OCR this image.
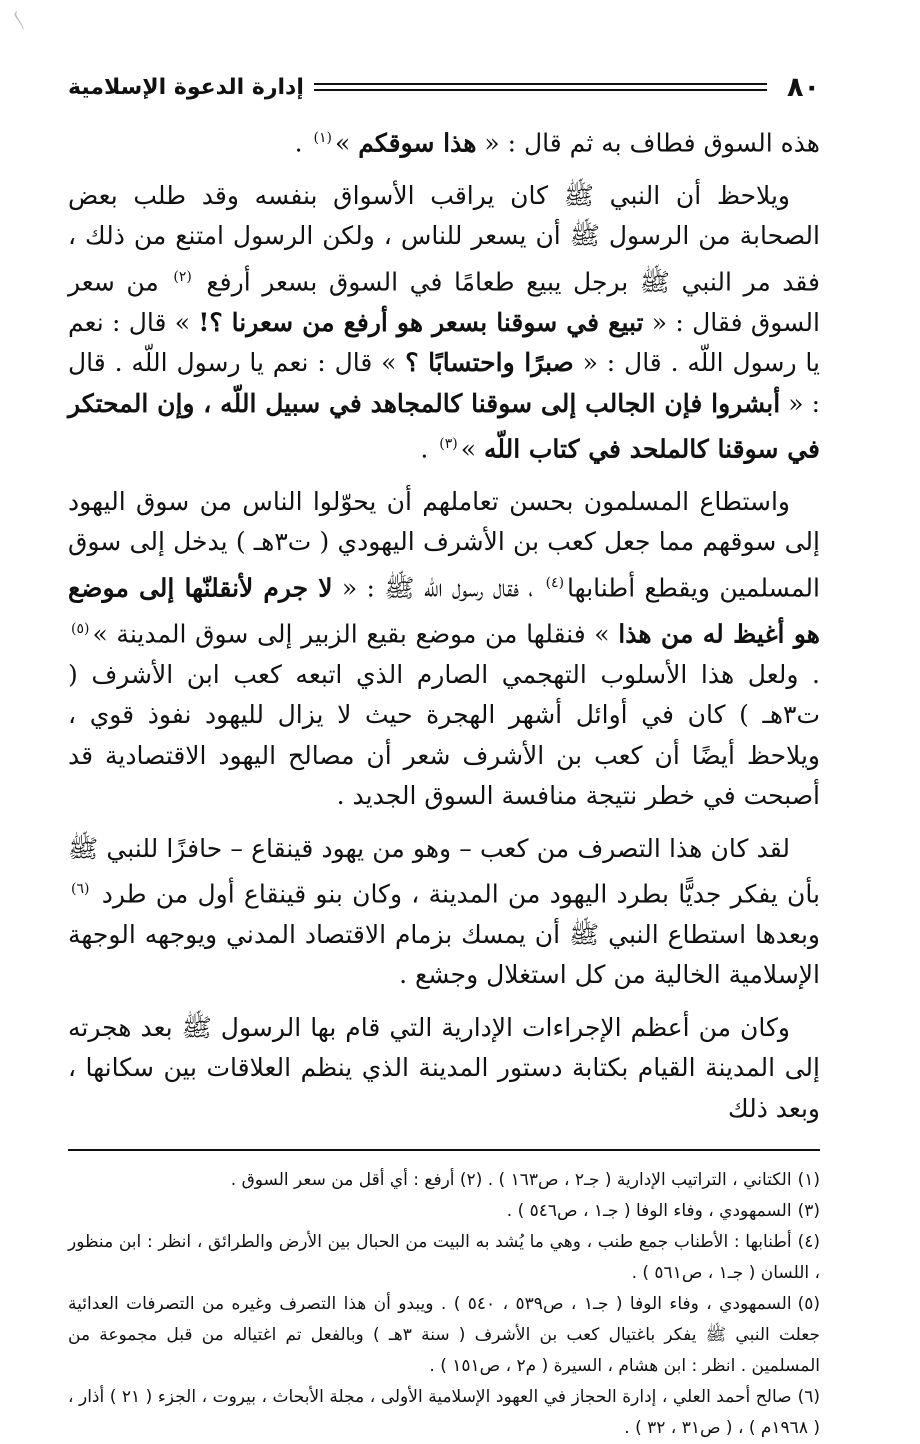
〳
٨٠
إدارة الدعوة الإسلامية

هذه السوق فطاف به ثم قال : « هذا سوقكم »$^{(١)}$ .

ويلاحظ أن النبي ﷺ كان يراقب الأسواق بنفسه وقد طلب بعض الصحابة من الرسول ﷺ أن يسعر للناس ، ولكن الرسول امتنع من ذلك ، فقد مر النبي ﷺ برجل يبيع طعامًا في السوق بسعر أرفع $^{(٢)}$ من سعر السوق فقال : « تبيع في سوقنا بسعر هو أرفع من سعرنا ؟! » قال : نعم يا رسول اللّه . قال : « صبرًا واحتسابًا ؟ » قال : نعم يا رسول اللّه . قال : « أبشروا فإن الجالب إلى سوقنا كالمجاهد في سبيل اللّه ، وإن المحتكر في سوقنا كالملحد في كتاب اللّه »$^{(٣)}$ .

واستطاع المسلمون بحسن تعاملهم أن يحوّلوا الناس من سوق اليهود إلى سوقهم مما جعل كعب بن الأشرف اليهودي ( ت٣هـ ) يدخل إلى سوق المسلمين ويقطع أطنابها$^{(٤)}$ ، فقال رسول اللّه ﷺ : « لا جرم لأنقلنّها إلى موضع هو أغيظ له من هذا » فنقلها من موضع بقيع الزبير إلى سوق المدينة »$^{(٥)}$ . ولعل هذا الأسلوب التهجمي الصارم الذي اتبعه كعب ابن الأشرف ( ت٣هـ ) كان في أوائل أشهر الهجرة حيث لا يزال لليهود نفوذ قوي ، ويلاحظ أيضًا أن كعب بن الأشرف شعر أن مصالح اليهود الاقتصادية قد أصبحت في خطر نتيجة منافسة السوق الجديد .

لقد كان هذا التصرف من كعب – وهو من يهود قينقاع – حافزًا للنبي ﷺ بأن يفكر جديًّا بطرد اليهود من المدينة ، وكان بنو قينقاع أول من طرد $^{(٦)}$ وبعدها استطاع النبي ﷺ أن يمسك بزمام الاقتصاد المدني ويوجهه الوجهة الإسلامية الخالية من كل استغلال وجشع .

وكان من أعظم الإجراءات الإدارية التي قام بها الرسول ﷺ بعد هجرته إلى المدينة القيام بكتابة دستور المدينة الذي ينظم العلاقات بين سكانها ، وبعد ذلك

(١)الكتاني ، التراتيب الإدارية ( جـ٢ ، ص١٦٣ ) . (٢) أرفع : أي أقل من سعر السوق .
(٣)السمهودي ، وفاء الوفا ( جـ١ ، ص٥٤٦ ) .
(٤)أطنابها : الأطناب جمع طنب ، وهي ما يُشد به البيت من الحبال بين الأرض والطرائق ، انظر : ابن منظور ، اللسان ( جـ١ ، ص٥٦١ ) .
(٥)السمهودي ، وفاء الوفا ( جـ١ ، ص٥٣٩ ، ٥٤٠ ) . ويبدو أن هذا التصرف وغيره من التصرفات العدائية جعلت النبي ﷺ يفكر باغتيال كعب بن الأشرف ( سنة ٣هـ ) وبالفعل تم اغتياله من قبل مجموعة من المسلمين . انظر : ابن هشام ، السيرة ( م٢ ، ص١٥١ ) .
(٦)صالح أحمد العلي ، إدارة الحجاز في العهود الإسلامية الأولى ، مجلة الأبحاث ، بيروت ، الجزء ( ٢١ ) أذار ، ( ١٩٦٨م ) ، ( ص٣١ ، ٣٢ ) .
